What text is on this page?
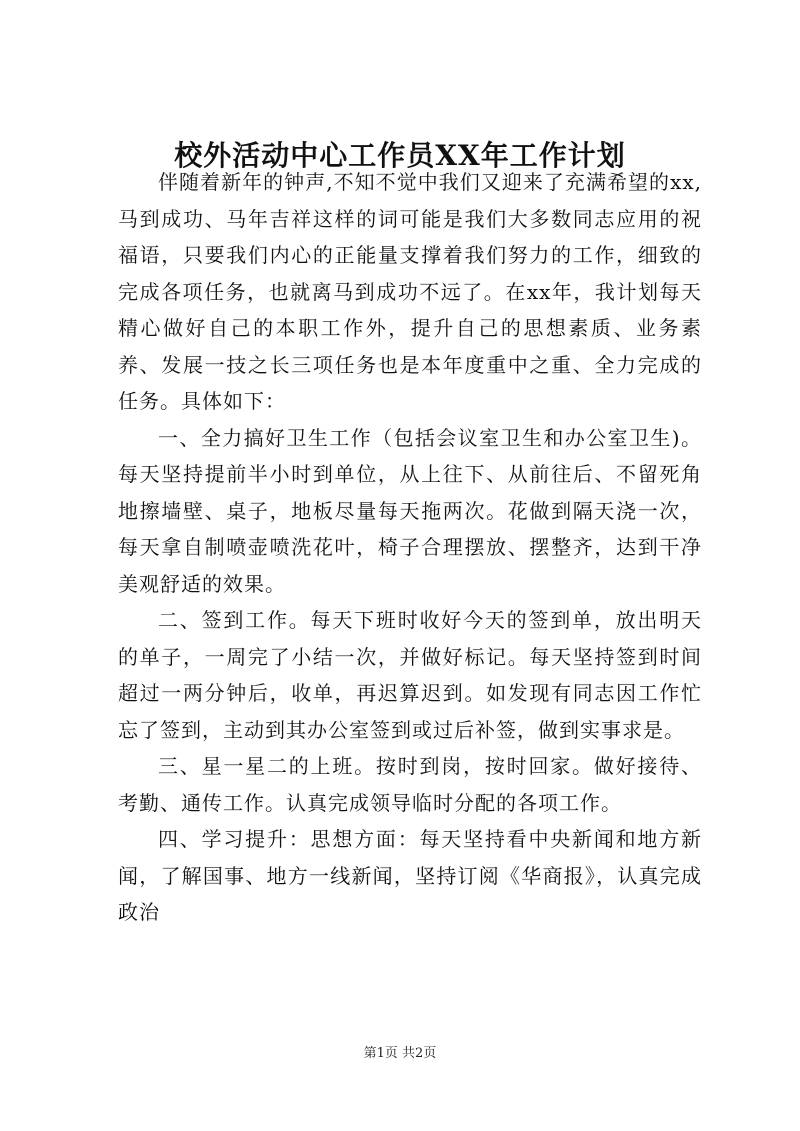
校外活动中心工作员XX年工作计划

伴随着新年的钟声,不知不觉中我们又迎来了充满希望的xx,马到成功、马年吉祥这样的词可能是我们大多数同志应用的祝福语，只要我们内心的正能量支撑着我们努力的工作，细致的完成各项任务，也就离马到成功不远了。在xx年，我计划每天精心做好自己的本职工作外，提升自己的思想素质、业务素养、发展一技之长三项任务也是本年度重中之重、全力完成的任务。具体如下：

一、全力搞好卫生工作（包括会议室卫生和办公室卫生)。每天坚持提前半小时到单位，从上往下、从前往后、不留死角地擦墙壁、桌子，地板尽量每天拖两次。花做到隔天浇一次，每天拿自制喷壶喷洗花叶，椅子合理摆放、摆整齐，达到干净美观舒适的效果。

二、签到工作。每天下班时收好今天的签到单，放出明天的单子，一周完了小结一次，并做好标记。每天坚持签到时间超过一两分钟后，收单，再迟算迟到。如发现有同志因工作忙忘了签到，主动到其办公室签到或过后补签，做到实事求是。

三、星一星二的上班。按时到岗，按时回家。做好接待、考勤、通传工作。认真完成领导临时分配的各项工作。

四、学习提升：思想方面：每天坚持看中央新闻和地方新闻，了解国事、地方一线新闻，坚持订阅《华商报》，认真完成政治

第1页 共2页
